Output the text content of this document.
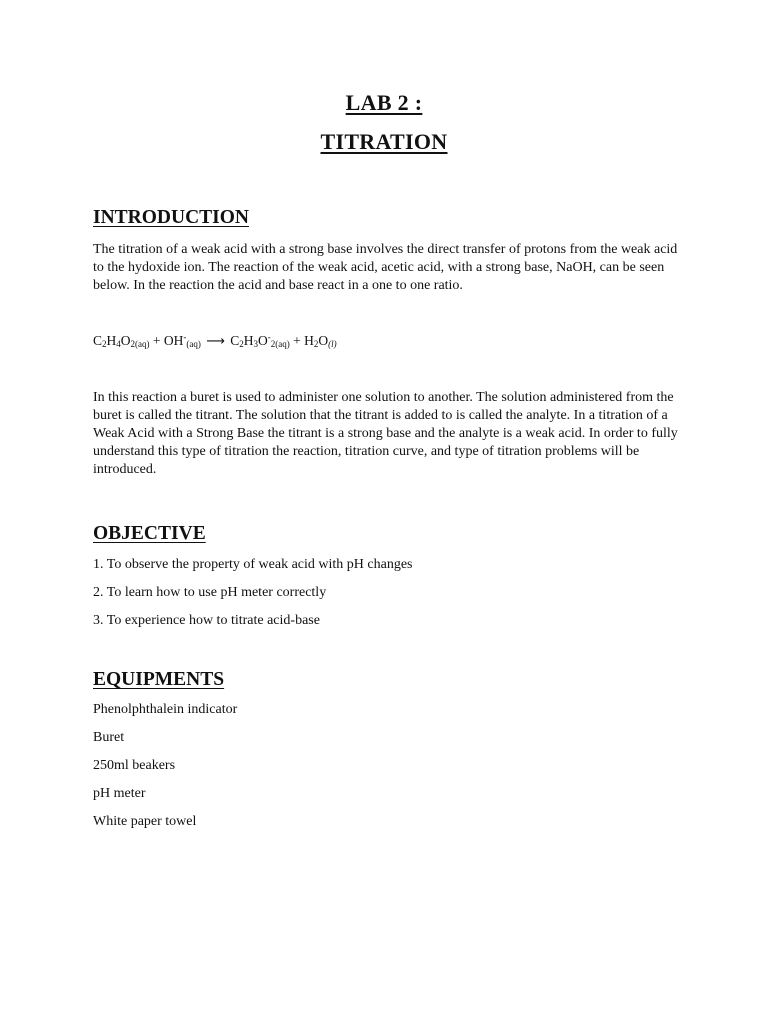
LAB 2 :
TITRATION
INTRODUCTION

The titration of a weak acid with a strong base involves the direct transfer of protons from the weak acid to the hydoxide ion. The reaction of the weak acid, acetic acid, with a strong base, NaOH, can be seen below. In the reaction the acid and base react in a one to one ratio.

$C_2H_4O_{2(aq)} + OH^-_{(aq)}$ ⟶ $C_2H_3O^-_{2(aq)} + H_2O_{(l)}$

In this reaction a buret is used to administer one solution to another. The solution administered from the buret is called the titrant. The solution that the titrant is added to is called the analyte. In a titration of a Weak Acid with a Strong Base the titrant is a strong base and the analyte is a weak acid. In order to fully understand this type of titration the reaction, titration curve, and type of titration problems will be introduced.

OBJECTIVE
1. To observe the property of weak acid with pH changes
2. To learn how to use pH meter correctly
3. To experience how to titrate acid-base
EQUIPMENTS
Phenolphthalein indicator
Buret
250ml beakers
pH meter
White paper towel
